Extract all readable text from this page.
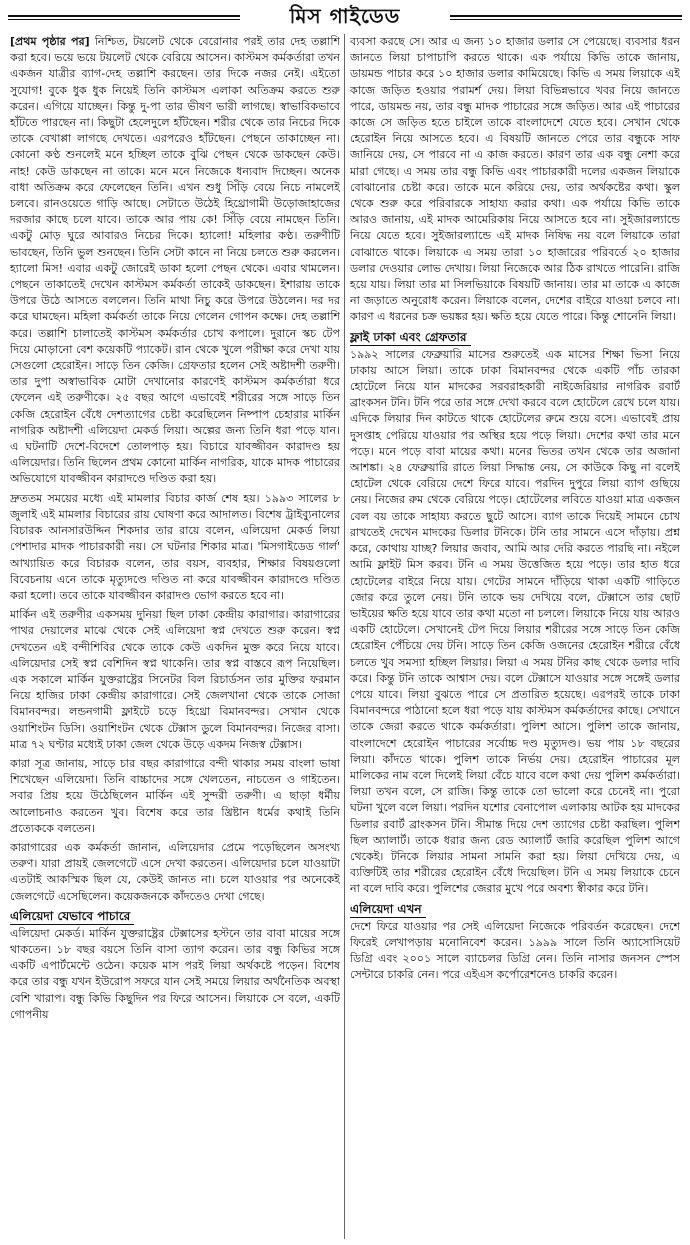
মিস গাইডেড

[প্রথম পৃষ্ঠার পর] নিশ্চিত, টয়লেট থেকে বেরোনার পরই তার দেহ তল্লাশি করা হবে। ভয়ে ভয়ে টয়লেট থেকে বেরিয়ে আসেন। কাস্টমস কর্মকর্তারা তখন একজন যাত্রীর ব্যাগ-দেহ তল্লাশি করছেন। তার দিকে নজর নেই। এইতো সুযোগ! বুকে ধুক ধুক নিয়েই তিনি কাস্টমস এলাকা অতিক্রম করতে শুরু করেন। এগিয়ে যাচ্ছেন। কিন্তু দু-পা তার ভীষণ ভারী লাগছে। স্বাভাবিকভাবে হাঁটতে পারছেন না। কিছুটা হেলেদুলে হাঁটছেন। শরীর থেকে তার নিচের দিকে তাকে বেখাপ্পা লাগছে দেখতে। এরপরেও হাঁটছেন। পেছনে তাকাচ্ছেন না। কোনো কণ্ঠ শুনলেই মনে হচ্ছিল তাকে বুঝি পেছন থেকে ডাকছেন কেউ। নাহ! কেউ ডাকছেন না তাকে। মনে মনে নিজেকে ধন্যবাদ দিচ্ছেন। অনেক বাধা অতিক্রম করে ফেলেছেন তিনি। এখন শুধু সিঁড়ি বেয়ে নিচে নামলেই চলবে। রানওয়েতে গাড়ি আছে। সেটাতে উঠেই হিথ্রোগামী উড়োজাহাজের দরজার কাছে চলে যাবে। তাকে আর পায় কে! সিঁড়ি বেয়ে নামছেন তিনি। একটু মোড় ঘুরে আবারও নিচের দিকে। হ্যালো! মহিলার কণ্ঠ। তরুণীটি ভাবছেন, তিনি ভুল শুনছেন। তিনি সেটা কানে না নিয়ে চলতে শুরু করলেন। হ্যালো মিস! এবার একটু জোরেই ডাকা হলো পেছন থেকে। এবার থামলেন। পেছনে তাকাতেই দেখেন কাস্টমস কর্মকর্তা তাকেই ডাকছেন। ইশারায় তাকে উপরে উঠে আসতে বললেন। তিনি মাথা নিচু করে উপরে উঠলেন। দর দর করে ঘামছেন। মহিলা কর্মকর্তা তাকে নিয়ে গেলেন গোপন কক্ষে। দেহ তল্লাশি করে। তল্লাশি চালাতেই কাস্টমস কর্মকর্তার চোখ কপালে। দুরানে স্কচ টেপ দিয়ে মোড়ানো বেশ কয়েকটি প্যাকেট। রান থেকে খুলে পরীক্ষা করে দেখা যায় সেগুলো হেরোইন। সাড়ে তিন কেজি। গ্রেফতার হলেন সেই অষ্টাদশী তরুণী। তার দুপা অস্বাভাবিক মোটা দেখানোর কারণেই কাস্টমস কর্মকর্তারা ধরে ফেলেন এই তরুণীকে। ২৫ বছর আগে এভাবেই শরীরের সঙ্গে সাড়ে তিন কেজি হেরোইন বেঁধে দেশত্যাগের চেষ্টা করেছিলেন নিষ্পাপ চেহারার মার্কিন নাগরিক অষ্টাদশী এলিয়েদা মেকর্ড লিয়া। অল্পের জন্য তিনি ধরা পড়ে যান। এ ঘটনাটি দেশে-বিদেশে তোলপাড় হয়। বিচারে যাবজ্জীবন কারাদণ্ড হয় এলিয়েদার। তিনি ছিলেন প্রথম কোনো মার্কিন নাগরিক, যাকে মাদক পাচারের অভিযোগে যাবজ্জীবন কারাদণ্ডে দণ্ডিত করা হয়।

দ্রুততম সময়ের মধ্যে এই মামলার বিচার কার্জ শেষ হয়। ১৯৯৩ সালের ৮ জুলাই এই মামলার বিচারের রায় ঘোষণা করে আদালত। বিশেষ ট্রাইব্যুনালের বিচারক আনসারউদ্দিন শিকদার তার রায়ে বলেন, এলিয়েদা মেকর্ড লিয়া পেশাদার মাদক পাচারকারী নয়। সে ঘটনার শিকার মাত্র। 'মিসগাইডেড গার্ল' আখ্যায়িত করে বিচারক বলেন, তার বয়স, ব্যবহার, শিক্ষার বিষয়গুলো বিবেচনায় এনে তাকে মৃত্যুদণ্ডে দণ্ডিত না করে যাবজ্জীবন কারাদণ্ডে দণ্ডিত করা হলো। তবে তাকে যাবজ্জীবন কারাদণ্ড ভোগ করতে হবে না।

মার্কিন এই তরুণীর একসময় দুনিয়া ছিল ঢাকা কেন্দ্রীয় কারাগার। কারাগারের পাথর দেয়ালের মাঝে থেকে সেই এলিয়েদা স্বপ্ন দেখতে শুরু করেন। স্বপ্ন দেখতেন এই বন্দীশিবির থেকে তাকে কেউ একদিন মুক্ত করে নিয়ে যাবে। এলিয়েদার সেই স্বপ্ন বেশিদিন স্বপ্ন থাকেনি। তার স্বপ্ন বাস্তবে রূপ নিয়েছিল। এক সকালে মার্কিন যুক্তরাষ্ট্রের সিনেটর বিল রিচার্ডসন তার মুক্তির ফরমান নিয়ে হাজির ঢাকা কেন্দ্রীয় কারাগারে। সেই জেলখানা থেকে তাকে সোজা বিমানবন্দর। লন্ডনগামী ফ্লাইটে চড়ে হিথ্রো বিমানবন্দর। সেখান থেকে ওয়াশিংটন ডিসি। ওয়াশিংটন থেকে টেক্সাস ডুলে বিমানবন্দর। নিজের বাসা। মাত্র ৭২ ঘণ্টার মধ্যেই ঢাকা জেল থেকে উড়ে একদম নিজস্ব টেক্সাস।

কারা সূত্র জানায়, সাড়ে চার বছর কারাগারে বন্দী থাকার সময় বাংলা ভাষা শিখেছেন এলিয়েদা। তিনি বাচ্চাদের সঙ্গে খেলতেন, নাচতেন ও গাইতেন। সবার প্রিয় হয়ে উঠেছিলেন মার্কিন এই সুন্দরী তরুণী। এ ছাড়া ধর্মীয় আলোচনাও করতেন খুব। বিশেষ করে তার খ্রিষ্টান ধর্মের কথাই তিনি প্রত্যেককে বলতেন।

কারাগারের এক কর্মকর্তা জানান, এলিয়েদার প্রেমে পড়েছিলেন অসংখ্য তরুণ। যারা প্রায়ই জেলগেটে এসে দেখা করতেন। এলিয়েদার চলে যাওয়াটা এতটাই আকস্মিক ছিল যে, কেউই জানত না। চলে যাওয়ার পর অনেকেই জেলগেটে এসেছিলেন। কয়েকজনকে কাঁদতেও দেখা গেছে।

এলিয়েদা যেভাবে পাচারে

এলিয়েদা মেকর্ড। মার্কিন যুক্তরাষ্ট্রের টেক্সাসের হস্টনে তার বাবা মায়ের সঙ্গে থাকতেন। ১৮ বছর বয়সে তিনি বাসা ত্যাগ করেন। তার বন্ধু কিভির সঙ্গে একটি এপার্টমেন্টে ওঠেন। কয়েক মাস পরই লিয়া অর্থকষ্টে পড়েন। বিশেষ করে তার বন্ধু যখন ইউরোপ সফরে যান সেই সময়ে লিয়ার অর্থনৈতিক অবস্থা বেশি খারাপ। বন্ধু কিভি কিছুদিন পর ফিরে আসেন। লিয়াকে সে বলে, একটি গোপনীয়

ব্যবসা করছে সে। আর এ জন্য ১০ হাজার ডলার সে পেয়েছে। ব্যবসার ধরন জানতে লিয়া চাপাচাপি করতে থাকে। এক পর্যায়ে কিভি তাকে জানায়, ডায়মন্ড পাচার করে ১০ হাজার ডলার কামিয়েছে। কিভি এ সময় লিয়াকে এই কাজে জড়িত হওয়ার পরামর্শ দেয়। লিয়া বিভিন্নভাবে খবর নিয়ে জানতে পারে, ডায়মন্ড নয়, তার বন্ধু মাদক পাচারের সঙ্গে জড়িত। আর এই পাচারের কাজে সে জড়িত হতে চাইলে তাকে বাংলাদেশে যেতে হবে। সেখান থেকে হেরোইন নিয়ে আসতে হবে। এ বিষয়টি জানতে পেরে তার বন্ধুকে সাফ জানিয়ে দেয়, সে পারবে না এ কাজ করতে। কারণ তার এক বন্ধু নেশা করে মারা গেছে। এ সময় তার বন্ধু কিভি এবং পাচারকারী দলের একজন লিয়াকে বোঝানোর চেষ্টা করে। তাকে মনে করিয়ে দেয়, তার অর্থকষ্টের কথা। স্কুল থেকে শুরু করে পরিবারকে সাহায্য করার কথা। এক পর্যায়ে কিভি তাকে আরও জানায়, এই মাদক আমেরিকায় নিয়ে আসতে হবে না। সুইজারল্যান্ডে নিয়ে যেতে হবে। সুইজারল্যান্ডে এই মাদক নিষিদ্ধ নয় বলে লিয়াকে তারা বোঝাতে থাকে। লিয়াকে এ সময় তারা ১০ হাজারের পরিবর্তে ২০ হাজার ডলার দেওয়ার লোভ দেখায়। লিয়া নিজেকে আর ঠিক রাখতে পারেনি। রাজি হয়ে যায়। লিয়া তার মা সিলভিয়াকে বিষয়টি জানায়। তার মা তাকে এ কাজে না জড়াতে অনুরোধ করেন। লিয়াকে বলেন, দেশের বাইরে যাওয়া চলবে না। কারণ এ ধরনের চক্র ভয়ঙ্কর হয়। ক্ষতি হয়ে যেতে পারে। কিন্তু শোনেনি লিয়া।

ফ্লাই ঢাকা এবং গ্রেফতার

১৯৯২ সালের ফেব্রুয়ারি মাসের শুরুতেই এক মাসের শিক্ষা ভিসা নিয়ে ঢাকায় আসে লিয়া। তাকে ঢাকা বিমানবন্দর থেকে একটি পাঁচ তারকা হোটেলে নিয়ে যান মাদকের সরবরাহকারী নাইজেরিয়ার নাগরিক রবার্ট ব্রাংকসন টনি। টনি পরে তার সঙ্গে দেখা করবে বলে হোটেলে রেখে চলে যায়। এদিকে লিয়ার দিন কাটতে থাকে হোটেলের রুমে শুয়ে বসে। এভাবেই প্রায় দুসপ্তাহ পেরিয়ে যাওয়ার পর অস্থির হয়ে পড়ে লিয়া। দেশের কথা তার মনে পড়ে। মনে পড়ে বাবা মায়ের কথা। মনের ভিতর তখন থেকে তার অজানা আশঙ্কা। ২৪ ফেব্রুয়ারি রাতে লিয়া সিদ্ধান্ত নেয়, সে কাউকে কিছু না বলেই হোটেল থেকে বেরিয়ে দেশে ফিরে যাবে। পরদিন দুপুরে লিয়া ব্যাগ গুছিয়ে নেয়। নিজের রুম থেকে বেরিয়ে পড়ে। হোটেলের লবিতে যাওয়া মাত্র একজন বেল বয় তাকে সাহায্য করতে ছুটে আসে। ব্যাগ তাকে দিয়েই সামনে চোখ রাখতেই দেখেন মাদকের ডিলার টনিকে। টনি তার সামনে এসে দাঁড়ায়। প্রশ্ন করে, কোথায় যাচ্ছ? লিয়ার জবাব, আমি আর দেরি করতে পারছি না। নইলে আমি ফ্লাইট মিস করব। টনি এ সময় উত্তেজিত হয়ে পড়ে। তার হাত ধরে হোটেলের বাইরে নিয়ে যায়। গেটের সামনে দাঁড়িয়ে থাকা একটি গাড়িতে জোর করে তুলে নেয়। টনি তাকে ভয় দেখিয়ে বলে, টেক্সাসে তার ছোট ভাইয়ের ক্ষতি হয়ে যাবে তার কথা মতো না চললে। লিয়াকে নিয়ে যায় আরও একটি হোটেলে। সেখানেই টেপ দিয়ে লিয়ার শরীরের সঙ্গে সাড়ে তিন কেজি হেরোইন পেঁচিয়ে দেয় টনি। সাড়ে তিন কেজি ওজনের হেরোইন শরীরে বেঁধে চলতে খুব সমস্যা হচ্ছিল লিয়ার। লিয়া এ সময় টনির কাছ থেকে ডলার দাবি করে। কিন্তু টনি তাকে আশ্বাস দেয়। বলে টেক্সাসে যাওয়ার সঙ্গে সঙ্গেই ডলার পেয়ে যাবে। লিয়া বুঝতে পারে সে প্রতারিত হয়েছে। এরপরই তাকে ঢাকা বিমানবন্দরে পাঠানো হলে ধরা পড়ে যায় কাস্টমস কর্মকর্তাদের কাছে। সেখানে তাকে জেরা করতে থাকে কর্মকর্তারা। পুলিশ আসে। পুলিশ তাকে জানায়, বাংলাদেশে হেরোইন পাচারের সর্বোচ্চ দণ্ড মৃত্যুদণ্ড। ভয় পায় ১৮ বছরের লিয়া। কাঁদতে থাকে। পুলিশ তাকে নির্ভয় দেয়। হেরোইন পাচারের মূল মালিকের নাম বলে দিলেই লিয়া বেঁচে যাবে বলে কথা দেয় পুলিশ কর্মকর্তারা। লিয়া তখন বলে, সে রাজি। কিন্তু তাকে তো ভালো করে চেনেই না। পুরো ঘটনা খুলে বলে লিয়া। পরদিন যশোর বেনাপোল এলাকায় আটক হয় মাদকের ডিলার রবার্ট ব্রাংকসন টনি। সীমান্ত দিয়ে দেশ ত্যাগের চেষ্টা করছিল। পুলিশ ছিল অ্যালার্ট। তাকে ধরার জন্য রেড অ্যালার্ট জারি করেছিল পুলিশ আগে থেকেই। টনিকে লিয়ার সামনা সামনি করা হয়। লিয়া দেখিয়ে দেয়, এ ব্যক্তিটিই তার শরীরের হেরোইন বেঁধে দিয়েছিল। টনি এ সময় লিয়াকে চেনে না বলে দাবি করে। পুলিশের জেরার মুখে পরে অবশ্য স্বীকার করে টনি।

এলিয়েদা এখন

দেশে ফিরে যাওয়ার পর সেই এলিয়েদা নিজেকে পরিবর্তন করেছেন। দেশে ফিরেই লেখাপড়ায় মনোনিবেশ করেন। ১৯৯৯ সালে তিনি অ্যাসোসিয়েট ডিগ্রি এবং ২০০১ সালে ব্যাচেলর ডিগ্রি নেন। তিনি নাসার জনসন স্পেস সেন্টারে চাকরি নেন। পরে এইএস কর্পোরেশনেও চাকরি করেন।
